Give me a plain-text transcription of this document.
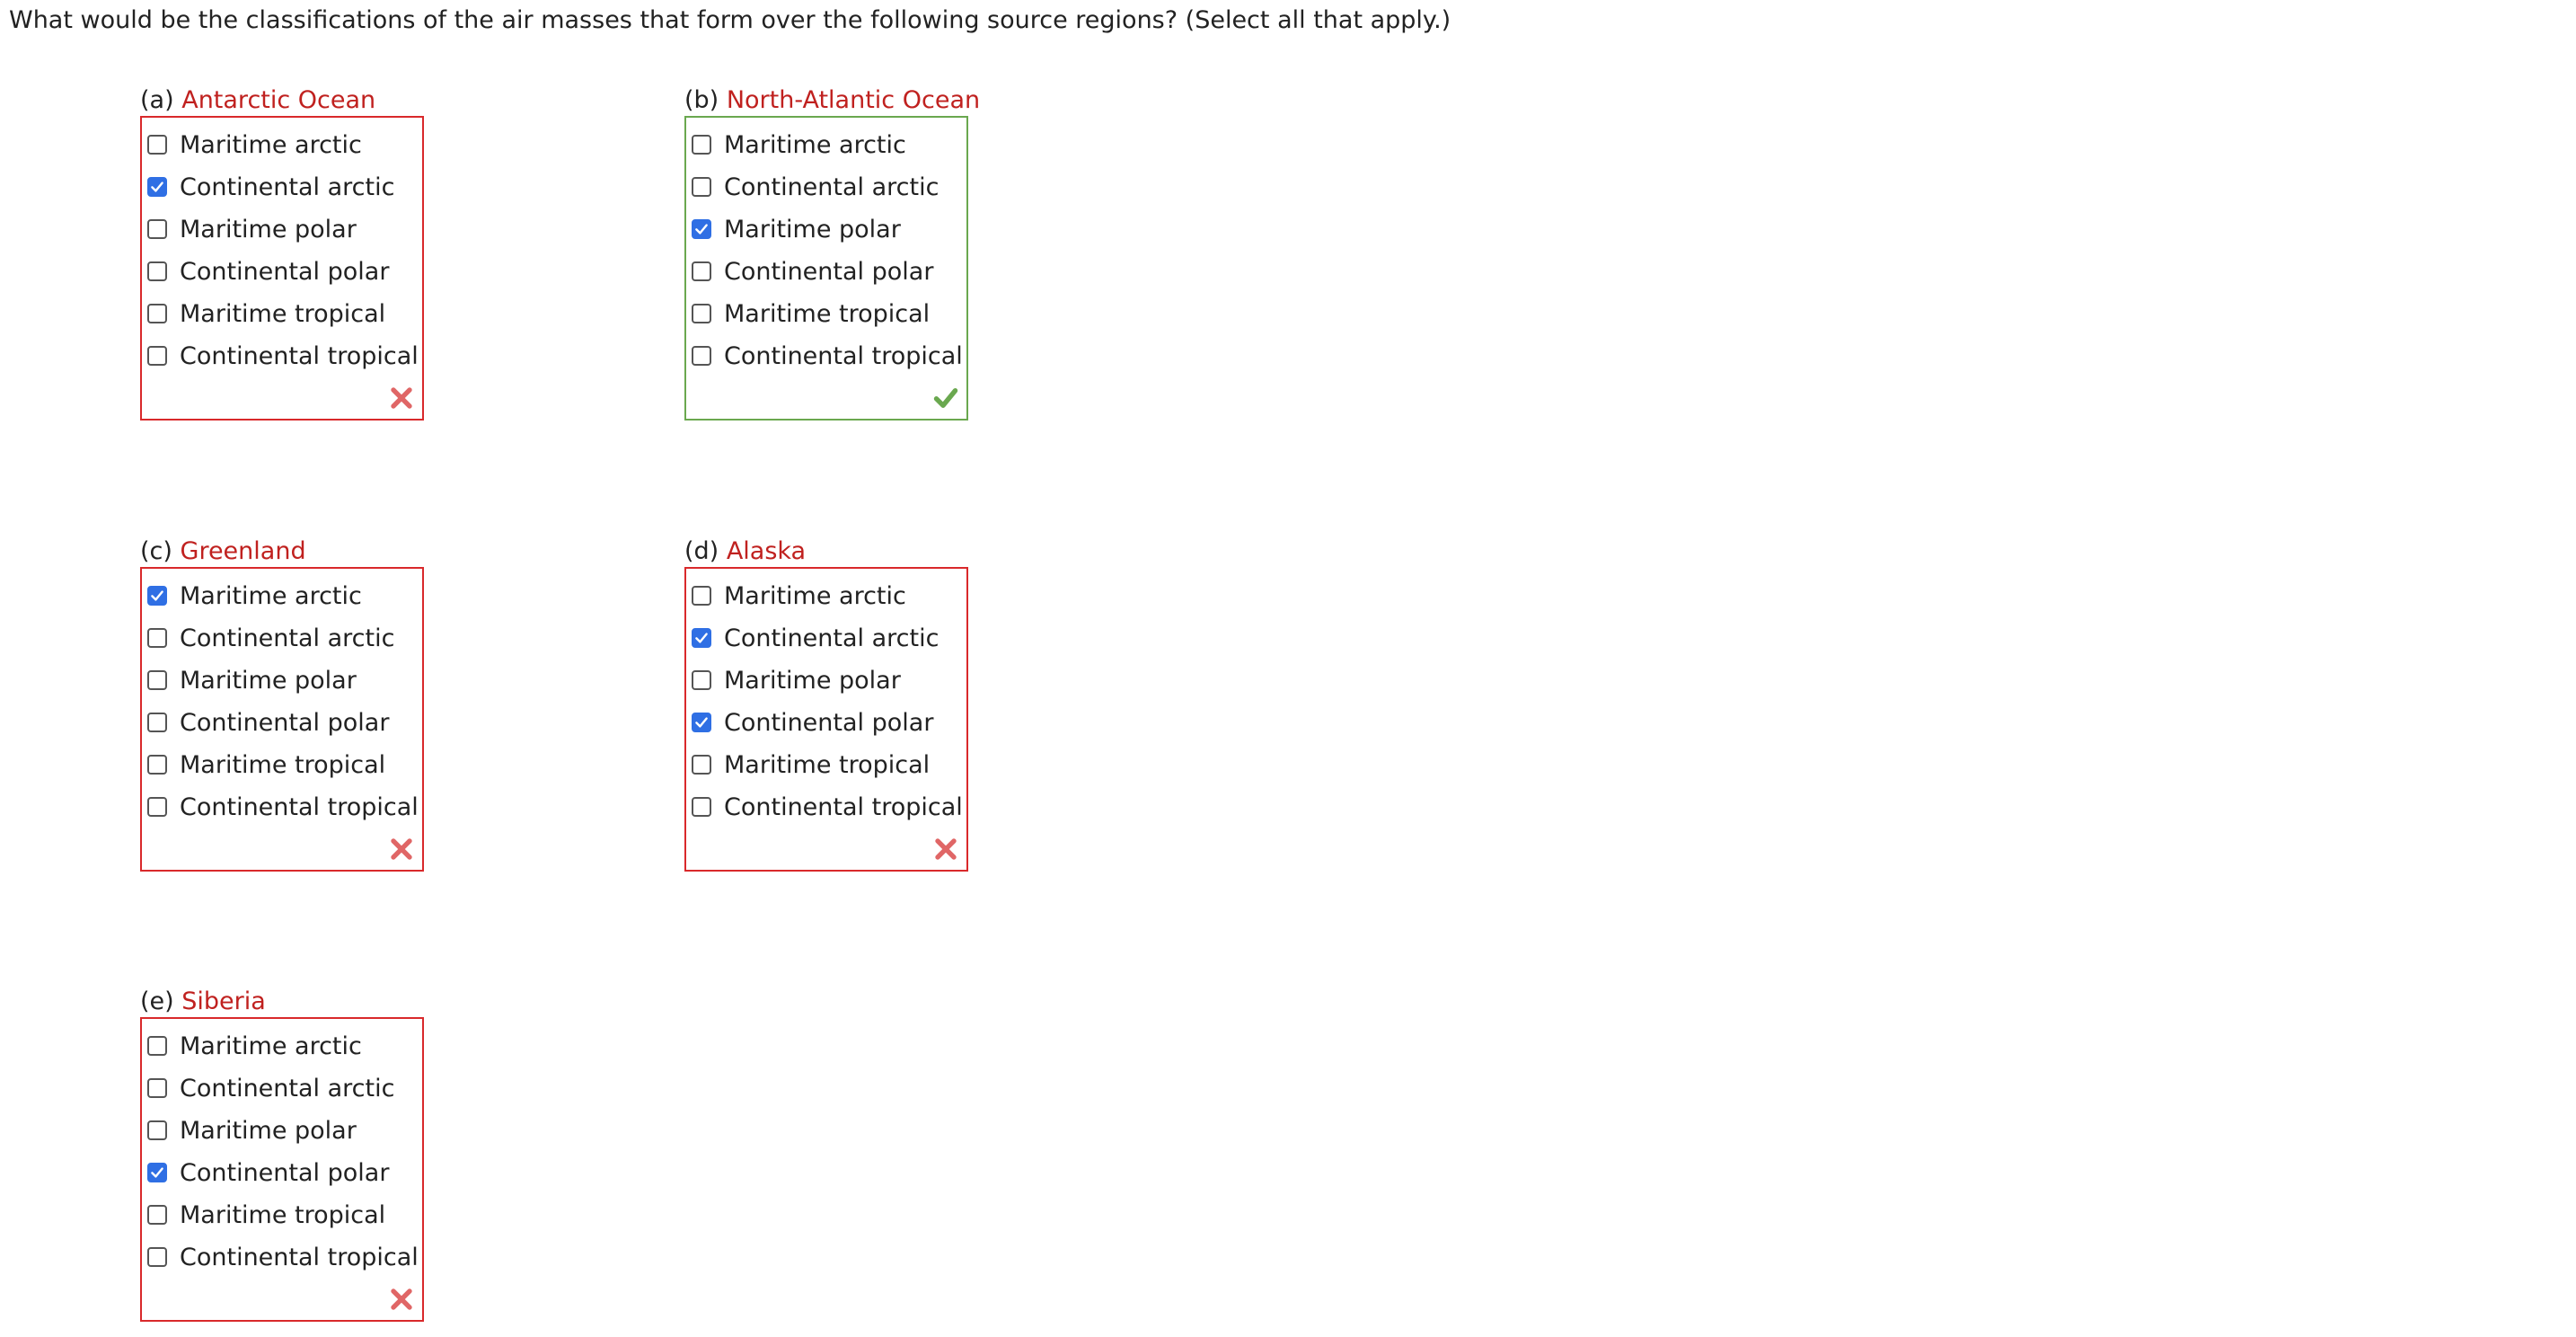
What would be the classifications of the air masses that form over the following source regions? (Select all that apply.)
(a) Antarctic Ocean
Maritime arctic
Continental arctic
Maritime polar
Continental polar
Maritime tropical
Continental tropical
(b) North-Atlantic Ocean
Maritime arctic
Continental arctic
Maritime polar
Continental polar
Maritime tropical
Continental tropical
(c) Greenland
Maritime arctic
Continental arctic
Maritime polar
Continental polar
Maritime tropical
Continental tropical
(d) Alaska
Maritime arctic
Continental arctic
Maritime polar
Continental polar
Maritime tropical
Continental tropical
(e) Siberia
Maritime arctic
Continental arctic
Maritime polar
Continental polar
Maritime tropical
Continental tropical
